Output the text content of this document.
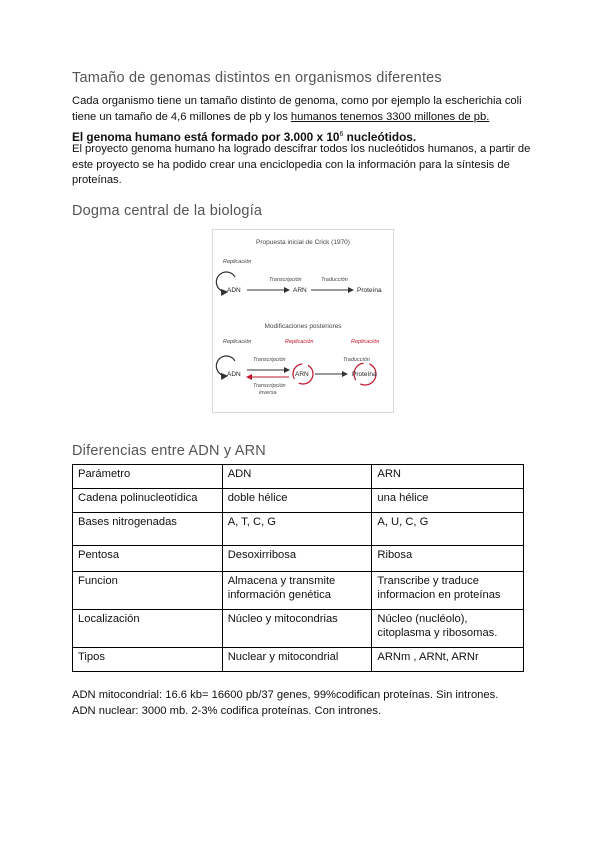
Tamaño de genomas distintos en organismos diferentes
Cada organismo tiene un tamaño distinto de genoma, como por ejemplo la escherichia coli tiene un tamaño de 4,6 millones de pb y los humanos tenemos 3300 millones de pb.
El genoma humano está formado por 3.000 x $10^6$ nucleótidos.
El proyecto genoma humano ha logrado descifrar todos los nucleótidos humanos, a partir de este proyecto se ha podido crear una enciclopedia con la información para la síntesis de proteínas.
Dogma central de la biología
Propuesta inicial de Crick (1970)
Replicación
ADN
Transcripción
ARN
Traducción
Proteína
Modificaciones posteriores
Replicación	Replicación	Replicación
ADN
Transcripción
Transcripción
inversa
ARN
Traducción
Proteína
Diferencias entre ADN y ARN
Parámetro	ADN	ARN
Cadena polinucleotídica	doble hélice	una hélice
Bases nitrogenadas	A, T, C, G	A, U, C, G
Pentosa	Desoxirribosa	Ribosa
Funcion	Almacena y transmite información genética	Transcribe y traduce informacion en proteínas
Localización	Núcleo y mitocondrias	Núcleo (nucléolo), citoplasma y ribosomas.
Tipos	Nuclear y mitocondrial	ARNm , ARNt, ARNr
ADN mitocondrial: 16.6 kb= 16600 pb/37 genes, 99%codifican proteínas. Sin intrones.
ADN nuclear: 3000 mb. 2-3% codifica proteínas. Con intrones.
